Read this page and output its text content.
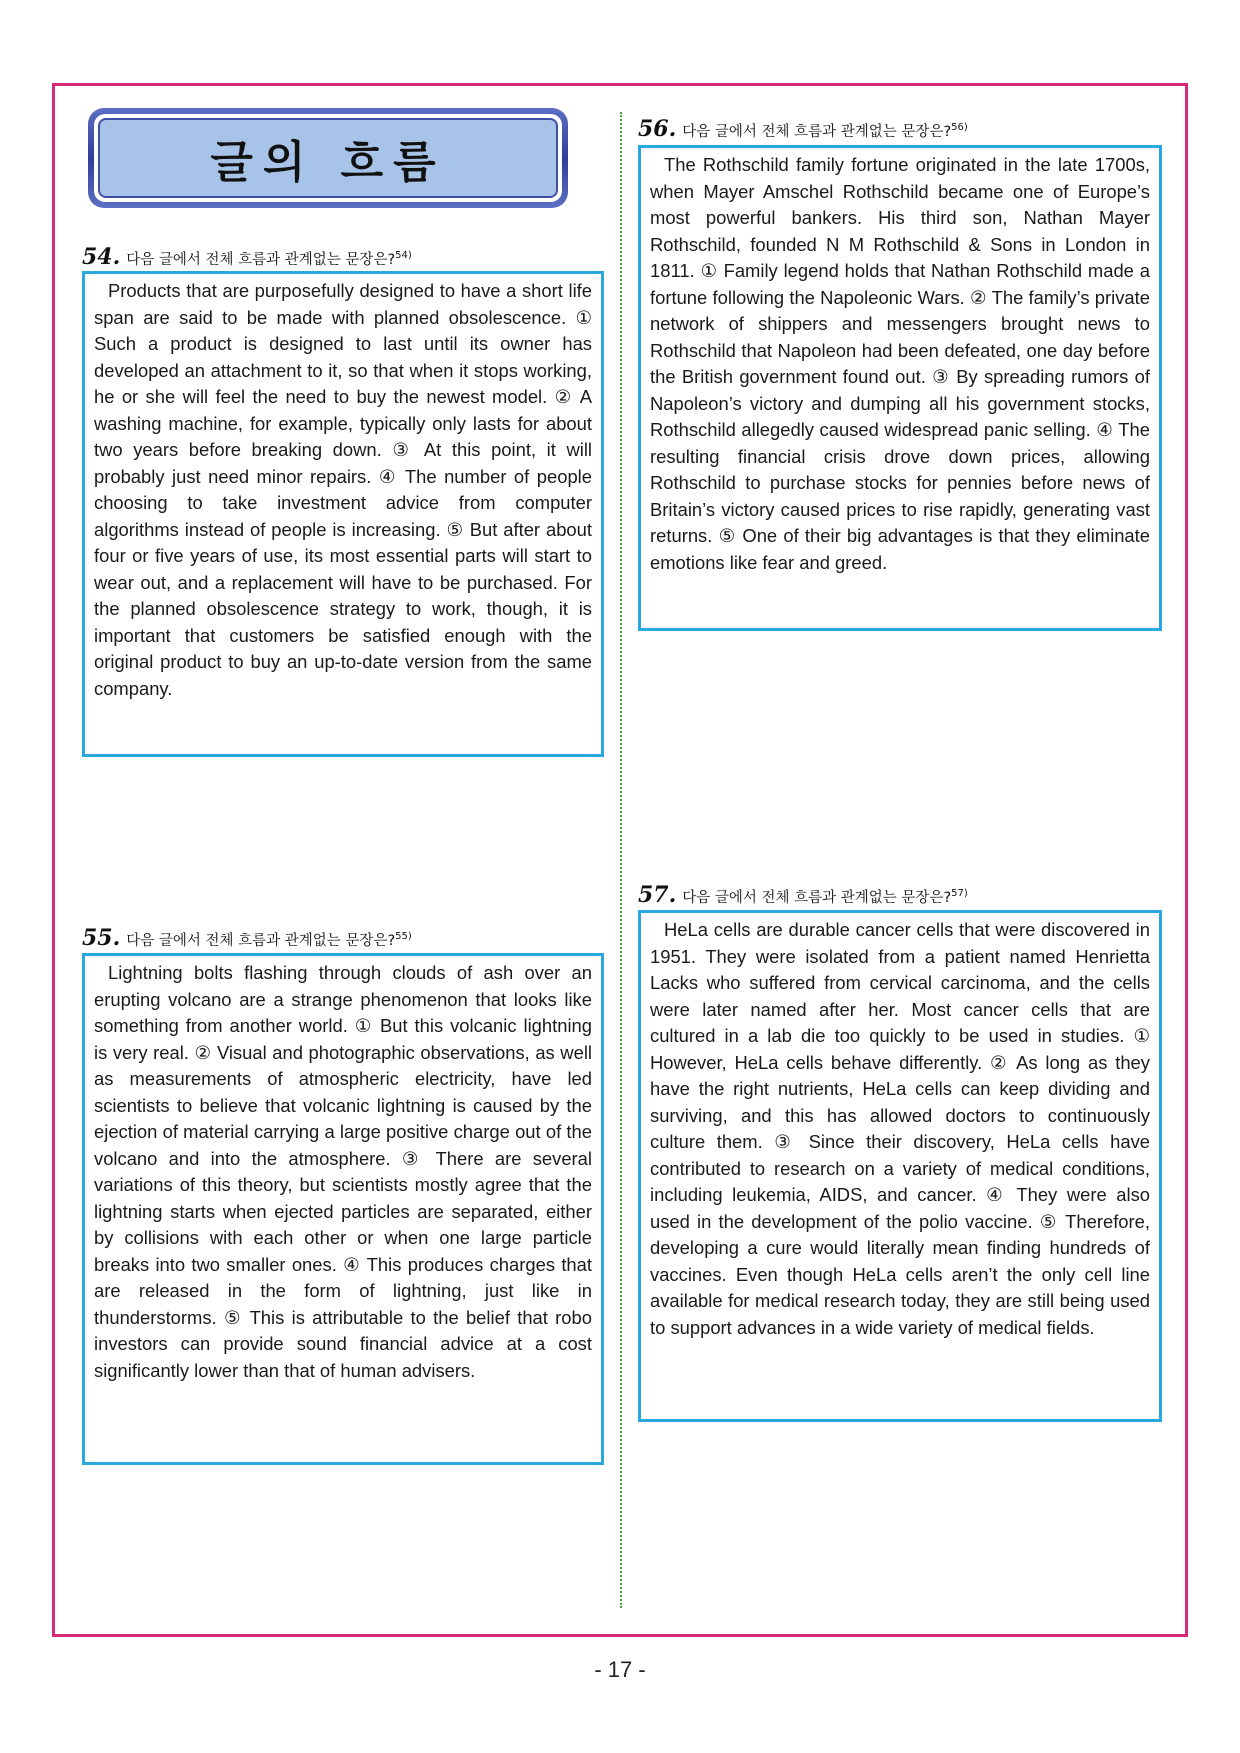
글의 흐름
54. 다음 글에서 전체 흐름과 관계없는 문장은?$^{54)}$

Products that are purposefully designed to have a short life span are said to be made with planned obsolescence. ① Such a product is designed to last until its owner has developed an attachment to it, so that when it stops working, he or she will feel the need to buy the newest model. ② A washing machine, for example, typically only lasts for about two years before breaking down. ③ At this point, it will probably just need minor repairs. ④ The number of people choosing to take investment advice from computer algorithms instead of people is increasing. ⑤ But after about four or five years of use, its most essential parts will start to wear out, and a replacement will have to be purchased. For the planned obsolescence strategy to work, though, it is important that customers be satisfied enough with the original product to buy an up-to-date version from the same company.

55. 다음 글에서 전체 흐름과 관계없는 문장은?$^{55)}$

Lightning bolts flashing through clouds of ash over an erupting volcano are a strange phenomenon that looks like something from another world. ① But this volcanic lightning is very real. ② Visual and photographic observations, as well as measurements of atmospheric electricity, have led scientists to believe that volcanic lightning is caused by the ejection of material carrying a large positive charge out of the volcano and into the atmosphere. ③ There are several variations of this theory, but scientists mostly agree that the lightning starts when ejected particles are separated, either by collisions with each other or when one large particle breaks into two smaller ones. ④ This produces charges that are released in the form of lightning, just like in thunderstorms. ⑤ This is attributable to the belief that robo investors can provide sound financial advice at a cost significantly lower than that of human advisers.

56. 다음 글에서 전체 흐름과 관계없는 문장은?$^{56)}$

The Rothschild family fortune originated in the late 1700s, when Mayer Amschel Rothschild became one of Europe’s most powerful bankers. His third son, Nathan Mayer Rothschild, founded N M Rothschild & Sons in London in 1811. ① Family legend holds that Nathan Rothschild made a fortune following the Napoleonic Wars. ② The family’s private network of shippers and messengers brought news to Rothschild that Napoleon had been defeated, one day before the British government found out. ③ By spreading rumors of Napoleon’s victory and dumping all his government stocks, Rothschild allegedly caused widespread panic selling. ④ The resulting financial crisis drove down prices, allowing Rothschild to purchase stocks for pennies before news of Britain’s victory caused prices to rise rapidly, generating vast returns. ⑤ One of their big advantages is that they eliminate emotions like fear and greed.

57. 다음 글에서 전체 흐름과 관계없는 문장은?$^{57)}$

HeLa cells are durable cancer cells that were discovered in 1951. They were isolated from a patient named Henrietta Lacks who suffered from cervical carcinoma, and the cells were later named after her. Most cancer cells that are cultured in a lab die too quickly to be used in studies. ① However, HeLa cells behave differently. ② As long as they have the right nutrients, HeLa cells can keep dividing and surviving, and this has allowed doctors to continuously culture them. ③ Since their discovery, HeLa cells have contributed to research on a variety of medical conditions, including leukemia, AIDS, and cancer. ④ They were also used in the development of the polio vaccine. ⑤ Therefore, developing a cure would literally mean finding hundreds of vaccines. Even though HeLa cells aren’t the only cell line available for medical research today, they are still being used to support advances in a wide variety of medical fields.

- 17 -
